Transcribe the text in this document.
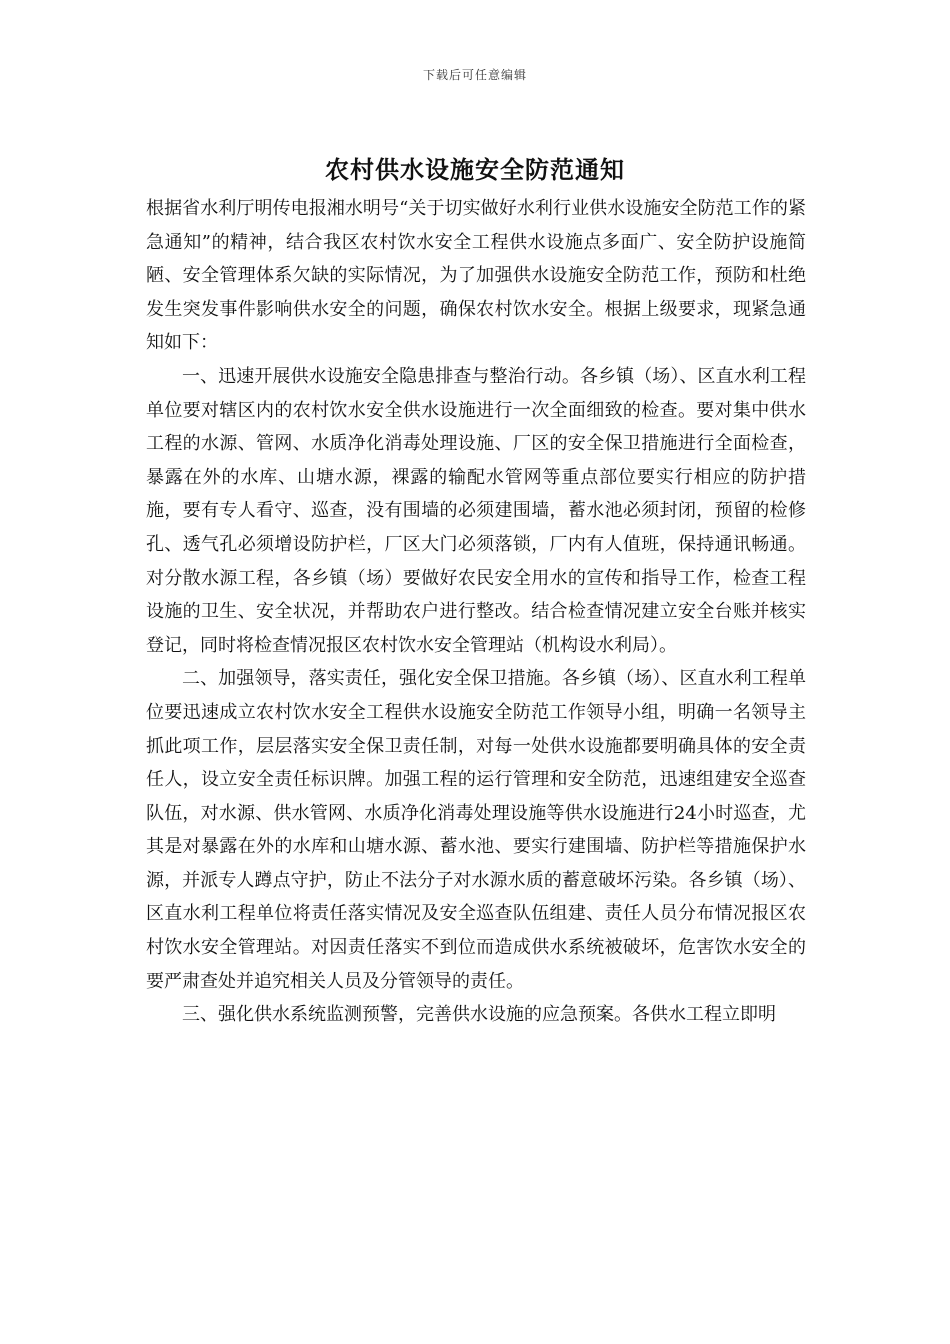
下载后可任意编辑
农村供水设施安全防范通知

根据省水利厅明传电报湘水明号“关于切实做好水利行业供水设施安全防范工作的紧急通知”的精神，结合我区农村饮水安全工程供水设施点多面广、安全防护设施简陋、安全管理体系欠缺的实际情况，为了加强供水设施安全防范工作，预防和杜绝发生突发事件影响供水安全的问题，确保农村饮水安全。根据上级要求，现紧急通知如下：

一、迅速开展供水设施安全隐患排查与整治行动。各乡镇（场）、区直水利工程单位要对辖区内的农村饮水安全供水设施进行一次全面细致的检查。要对集中供水工程的水源、管网、水质净化消毒处理设施、厂区的安全保卫措施进行全面检查，暴露在外的水库、山塘水源，裸露的输配水管网等重点部位要实行相应的防护措施，要有专人看守、巡查，没有围墙的必须建围墙，蓄水池必须封闭，预留的检修孔、透气孔必须增设防护栏，厂区大门必须落锁，厂内有人值班，保持通讯畅通。对分散水源工程，各乡镇（场）要做好农民安全用水的宣传和指导工作，检查工程设施的卫生、安全状况，并帮助农户进行整改。结合检查情况建立安全台账并核实登记，同时将检查情况报区农村饮水安全管理站（机构设水利局）。

二、加强领导，落实责任，强化安全保卫措施。各乡镇（场）、区直水利工程单位要迅速成立农村饮水安全工程供水设施安全防范工作领导小组，明确一名领导主抓此项工作，层层落实安全保卫责任制，对每一处供水设施都要明确具体的安全责任人，设立安全责任标识牌。加强工程的运行管理和安全防范，迅速组建安全巡查队伍，对水源、供水管网、水质净化消毒处理设施等供水设施进行24小时巡查，尤其是对暴露在外的水库和山塘水源、蓄水池、要实行建围墙、防护栏等措施保护水源，并派专人蹲点守护，防止不法分子对水源水质的蓄意破坏污染。各乡镇（场）、区直水利工程单位将责任落实情况及安全巡查队伍组建、责任人员分布情况报区农村饮水安全管理站。对因责任落实不到位而造成供水系统被破坏，危害饮水安全的要严肃查处并追究相关人员及分管领导的责任。

三、强化供水系统监测预警，完善供水设施的应急预案。各供水工程立即明
